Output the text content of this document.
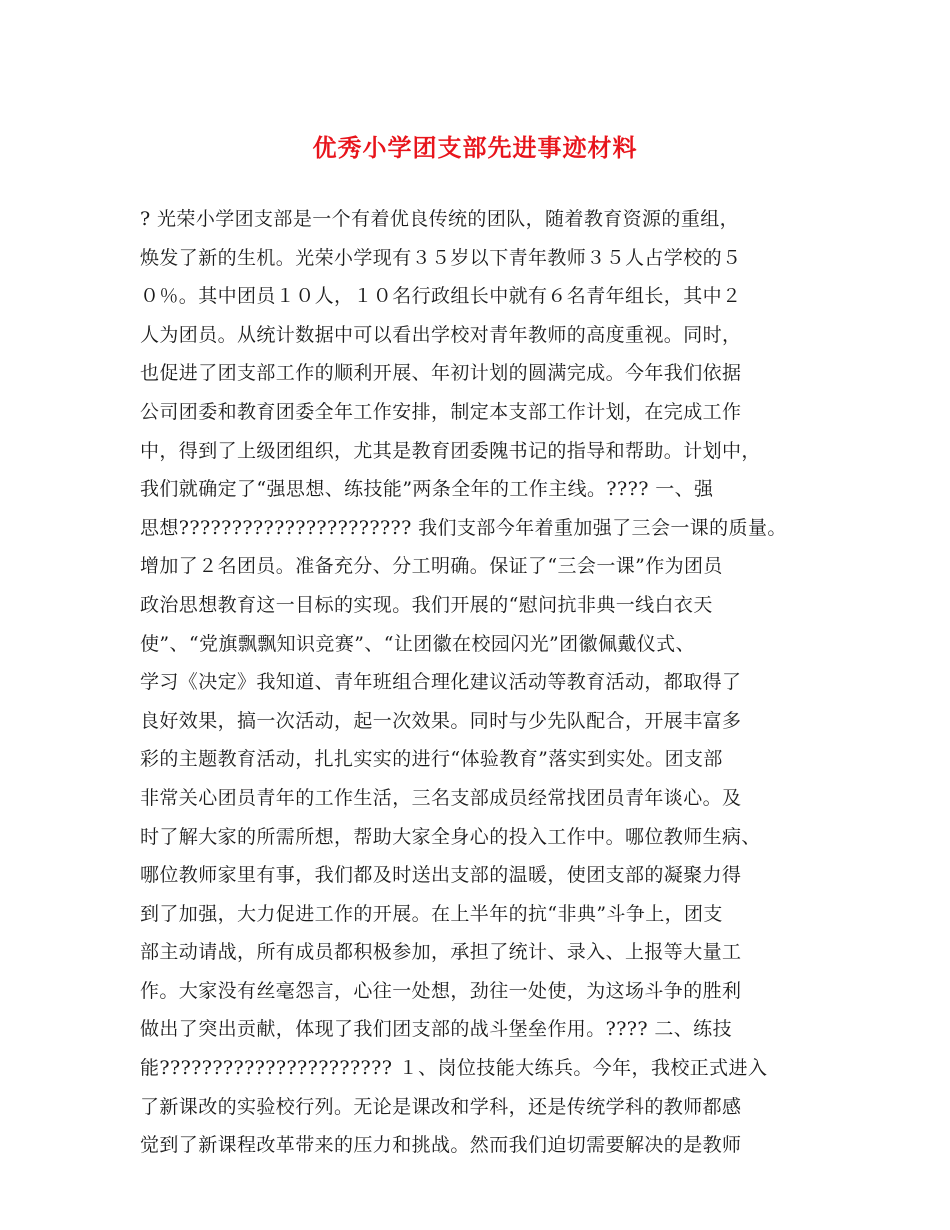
优秀小学团支部先进事迹材料
? 光荣小学团支部是一个有着优良传统的团队，随着教育资源的重组，
焕发了新的生机。光荣小学现有３５岁以下青年教师３５人占学校的５
０％。其中团员１０人，１０名行政组长中就有６名青年组长，其中２
人为团员。从统计数据中可以看出学校对青年教师的高度重视。同时，
也促进了团支部工作的顺利开展、年初计划的圆满完成。今年我们依据
公司团委和教育团委全年工作安排，制定本支部工作计划，在完成工作
中，得到了上级团组织，尤其是教育团委隗书记的指导和帮助。计划中，
我们就确定了“强思想、练技能”两条全年的工作主线。???? 一、强
思想?????????????????????? 我们支部今年着重加强了三会一课的质量。
增加了２名团员。准备充分、分工明确。保证了“三会一课”作为团员
政治思想教育这一目标的实现。我们开展的“慰问抗非典一线白衣天
使”、“党旗飘飘知识竞赛”、“让团徽在校园闪光”团徽佩戴仪式、
学习《决定》我知道、青年班组合理化建议活动等教育活动，都取得了
良好效果，搞一次活动，起一次效果。同时与少先队配合，开展丰富多
彩的主题教育活动，扎扎实实的进行“体验教育”落实到实处。团支部
非常关心团员青年的工作生活，三名支部成员经常找团员青年谈心。及
时了解大家的所需所想，帮助大家全身心的投入工作中。哪位教师生病、
哪位教师家里有事，我们都及时送出支部的温暖，使团支部的凝聚力得
到了加强，大力促进工作的开展。在上半年的抗“非典”斗争上，团支
部主动请战，所有成员都积极参加，承担了统计、录入、上报等大量工
作。大家没有丝毫怨言，心往一处想，劲往一处使，为这场斗争的胜利
做出了突出贡献，体现了我们团支部的战斗堡垒作用。???? 二、练技
能?????????????????????? １、岗位技能大练兵。今年，我校正式进入
了新课改的实验校行列。无论是课改和学科，还是传统学科的教师都感
觉到了新课程改革带来的压力和挑战。然而我们迫切需要解决的是教师
